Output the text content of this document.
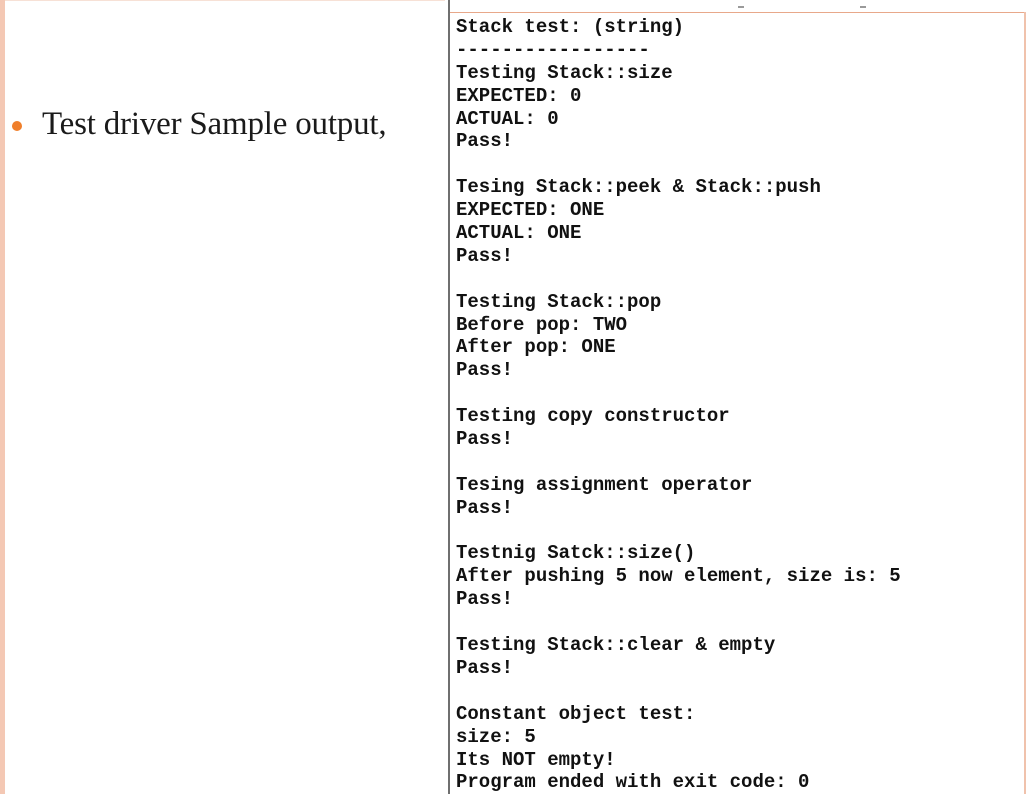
Test driver Sample output,
Stack test: (string)
-----------------
Testing Stack::size
EXPECTED: 0
ACTUAL: 0
Pass!
Tesing Stack::peek & Stack::push
EXPECTED: ONE
ACTUAL: ONE
Pass!
Testing Stack::pop
Before pop: TWO
After pop: ONE
Pass!
Testing copy constructor
Pass!
Tesing assignment operator
Pass!
Testnig Satck::size()
After pushing 5 now element, size is: 5
Pass!
Testing Stack::clear & empty
Pass!
Constant object test:
size: 5
Its NOT empty!
Program ended with exit code: 0
